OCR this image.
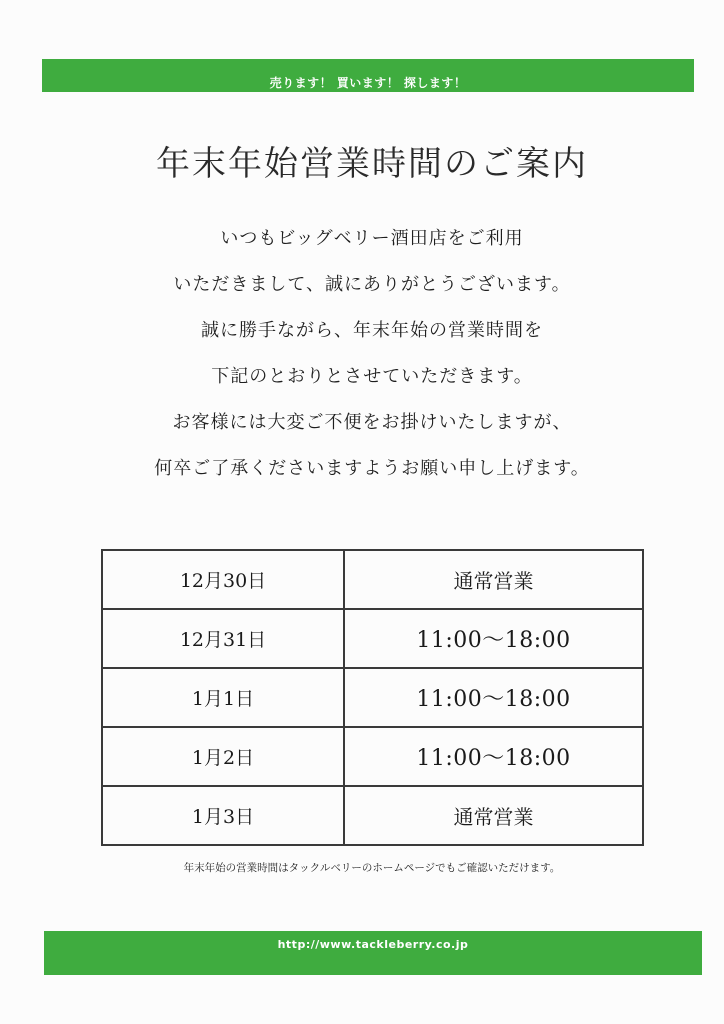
売ります！ 買います！ 探します！
年末年始営業時間のご案内
いつもビッグベリー酒田店をご利用
いただきまして、誠にありがとうございます。
誠に勝手ながら、年末年始の営業時間を
下記のとおりとさせていただきます。
お客様には大変ご不便をお掛けいたしますが、
何卒ご了承くださいますようお願い申し上げます。
12月30日	通常営業
12月31日	11:00〜18:00
1月1日	11:00〜18:00
1月2日	11:00〜18:00
1月3日	通常営業
年末年始の営業時間はタックルベリーのホームページでもご確認いただけます。
http://www.tackleberry.co.jp
